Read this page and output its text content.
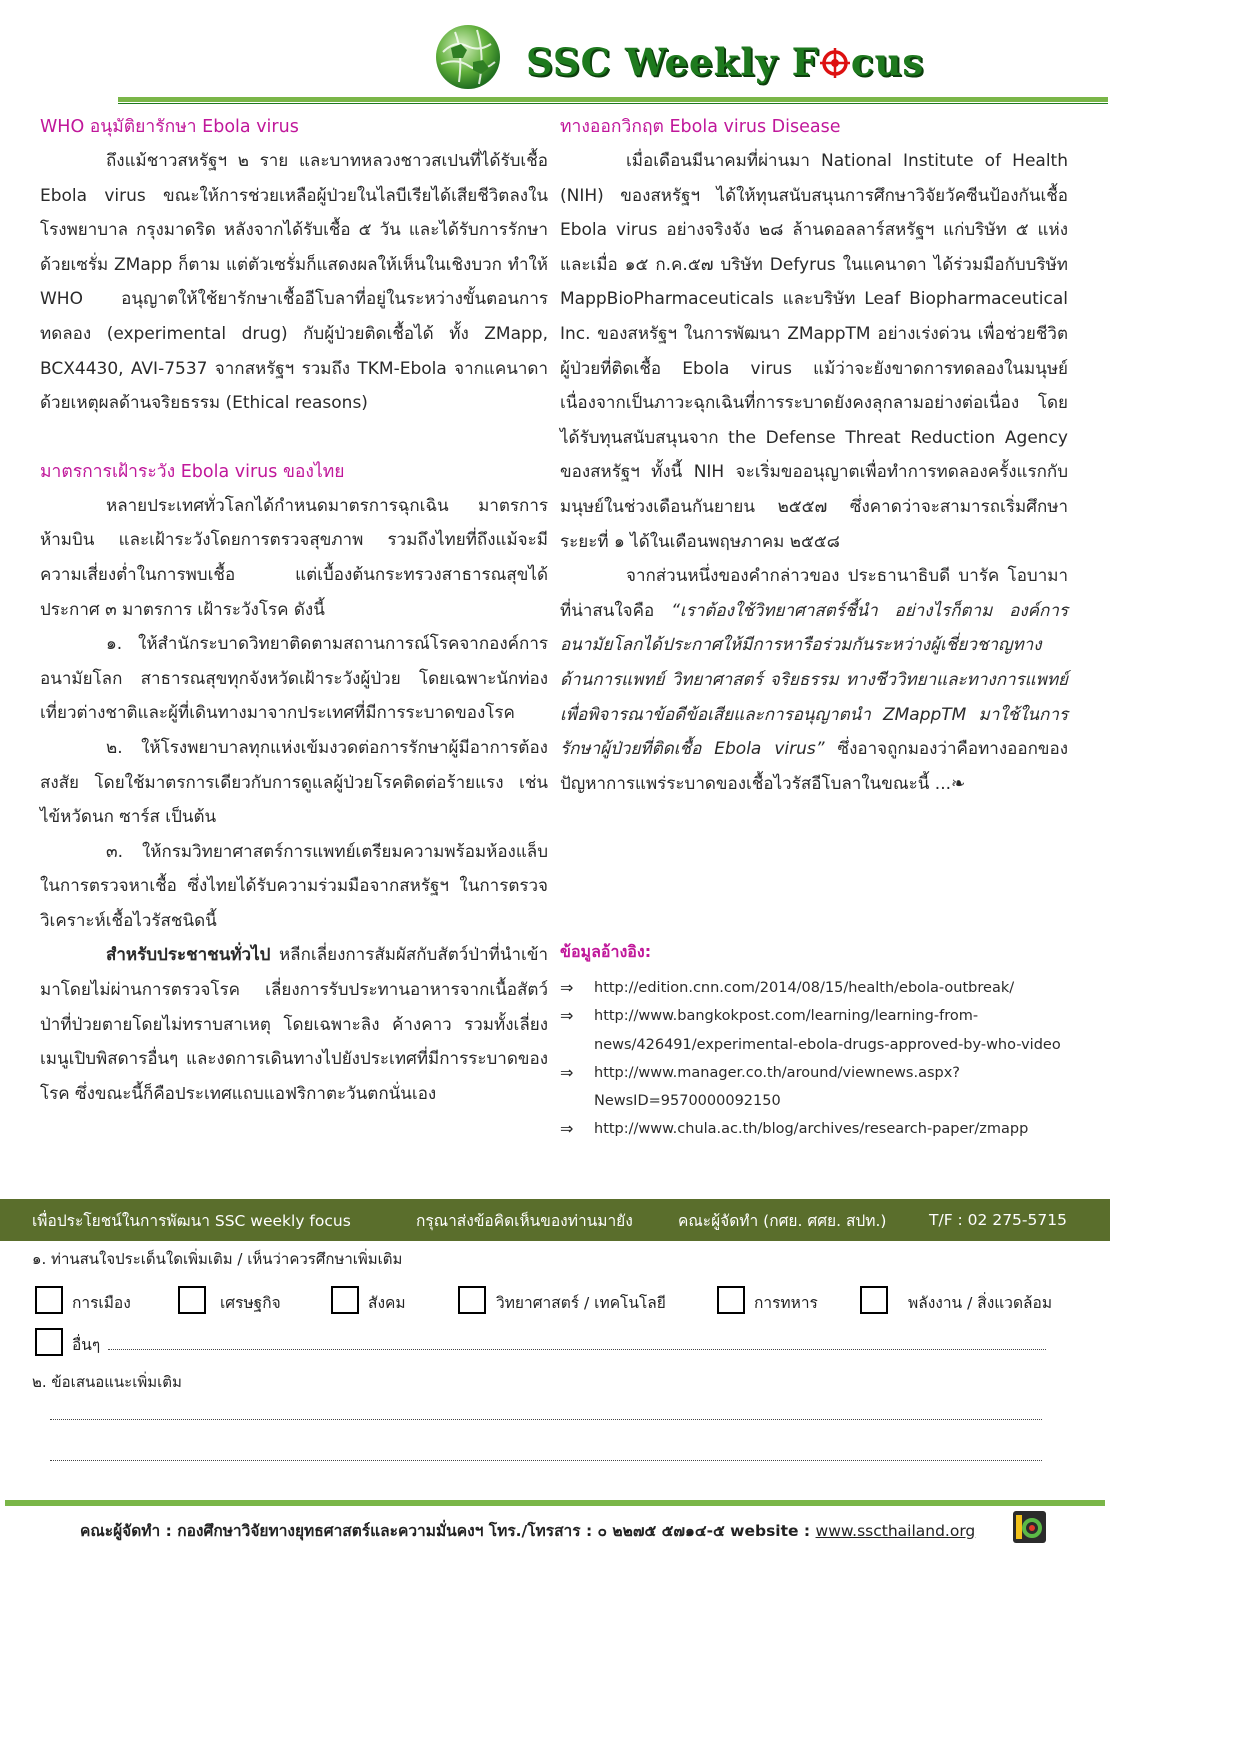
SSC Weekly F cus
WHO อนุมัติยารักษา Ebola virus

ถึงแม้ชาวสหรัฐฯ ๒ ราย และบาทหลวงชาวสเปนที่ได้รับเชื้อ Ebola virus ขณะให้การช่วยเหลือผู้ป่วยในไลบีเรียได้เสียชีวิตลงในโรงพยาบาล กรุงมาดริด หลังจากได้รับเชื้อ ๕ วัน และได้รับการรักษาด้วยเซรั่ม ZMapp ก็ตาม แต่ตัวเซรั่มก็แสดงผลให้เห็นในเชิงบวก ทำให้ WHO อนุญาตให้ใช้ยารักษาเชื้ออีโบลาที่อยู่ในระหว่างขั้นตอนการทดลอง (experimental drug) กับผู้ป่วยติดเชื้อได้ ทั้ง ZMapp, BCX4430, AVI-7537 จากสหรัฐฯ รวมถึง TKM-Ebola จากแคนาดา ด้วยเหตุผลด้านจริยธรรม (Ethical reasons)

มาตรการเฝ้าระวัง Ebola virus ของไทย

หลายประเทศทั่วโลกได้กำหนดมาตรการฉุกเฉิน มาตรการห้ามบิน และเฝ้าระวังโดยการตรวจสุขภาพ รวมถึงไทยที่ถึงแม้จะมีความเสี่ยงต่ำในการพบเชื้อ แต่เบื้องต้นกระทรวงสาธารณสุขได้ประกาศ ๓ มาตรการ เฝ้าระวังโรค ดังนี้

๑. ให้สำนักระบาดวิทยาติดตามสถานการณ์โรคจากองค์การอนามัยโลก สาธารณสุขทุกจังหวัดเฝ้าระวังผู้ป่วย โดยเฉพาะนักท่องเที่ยวต่างชาติและผู้ที่เดินทางมาจากประเทศที่มีการระบาดของโรค

๒. ให้โรงพยาบาลทุกแห่งเข้มงวดต่อการรักษาผู้มีอาการต้องสงสัย โดยใช้มาตรการเดียวกับการดูแลผู้ป่วยโรคติดต่อร้ายแรง เช่น ไข้หวัดนก ซาร์ส เป็นต้น

๓. ให้กรมวิทยาศาสตร์การแพทย์เตรียมความพร้อมห้องแล็บในการตรวจหาเชื้อ ซึ่งไทยได้รับความร่วมมือจากสหรัฐฯ ในการตรวจวิเคราะห์เชื้อไวรัสชนิดนี้

สำหรับประชาชนทั่วไป หลีกเลี่ยงการสัมผัสกับสัตว์ป่าที่นำเข้ามาโดยไม่ผ่านการตรวจโรค เลี่ยงการรับประทานอาหารจากเนื้อสัตว์ป่าที่ป่วยตายโดยไม่ทราบสาเหตุ โดยเฉพาะลิง ค้างคาว รวมทั้งเลี่ยงเมนูเปิบพิสดารอื่นๆ และงดการเดินทางไปยังประเทศที่มีการระบาดของโรค ซึ่งขณะนี้ก็คือประเทศแถบแอฟริกาตะวันตกนั่นเอง

ทางออกวิกฤต Ebola virus Disease

เมื่อเดือนมีนาคมที่ผ่านมา National Institute of Health (NIH) ของสหรัฐฯ ได้ให้ทุนสนับสนุนการศึกษาวิจัยวัคซีนป้องกันเชื้อ Ebola virus อย่างจริงจัง ๒๘ ล้านดอลลาร์สหรัฐฯ แก่บริษัท ๕ แห่ง และเมื่อ ๑๕ ก.ค.๕๗ บริษัท Defyrus ในแคนาดา ได้ร่วมมือกับบริษัท MappBioPharmaceuticals และบริษัท Leaf Biopharmaceutical Inc. ของสหรัฐฯ ในการพัฒนา ZMappTM อย่างเร่งด่วน เพื่อช่วยชีวิตผู้ป่วยที่ติดเชื้อ Ebola virus แม้ว่าจะยังขาดการทดลองในมนุษย์ เนื่องจากเป็นภาวะฉุกเฉินที่การระบาดยังคงลุกลามอย่างต่อเนื่อง โดยได้รับทุนสนับสนุนจาก the Defense Threat Reduction Agency ของสหรัฐฯ ทั้งนี้ NIH จะเริ่มขออนุญาตเพื่อทำการทดลองครั้งแรกกับมนุษย์ในช่วงเดือนกันยายน ๒๕๕๗ ซึ่งคาดว่าจะสามารถเริ่มศึกษาระยะที่ ๑ ได้ในเดือนพฤษภาคม ๒๕๕๘

จากส่วนหนึ่งของคำกล่าวของ ประธานาธิบดี บารัค โอบามา ที่น่าสนใจคือ “เราต้องใช้วิทยาศาสตร์ชี้นำ อย่างไรก็ตาม องค์การอนามัยโลกได้ประกาศให้มีการหารือร่วมกันระหว่างผู้เชี่ยวชาญทางด้านการแพทย์ วิทยาศาสตร์ จริยธรรม ทางชีววิทยาและทางการแพทย์ เพื่อพิจารณาข้อดีข้อเสียและการอนุญาตนำ ZMappTM มาใช้ในการรักษาผู้ป่วยที่ติดเชื้อ Ebola virus” ซึ่งอาจถูกมองว่าคือทางออกของปัญหาการแพร่ระบาดของเชื้อไวรัสอีโบลาในขณะนี้ ...❧

ข้อมูลอ้างอิง:
⇒	http://edition.cnn.com/2014/08/15/health/ebola-outbreak/
⇒	http://www.bangkokpost.com/learning/learning-from-
news/426491/experimental-ebola-drugs-approved-by-who-video
⇒	http://www.manager.co.th/around/viewnews.aspx?
NewsID=9570000092150
⇒	http://www.chula.ac.th/blog/archives/research-paper/zmapp
เพื่อประโยชน์ในการพัฒนา SSC weekly focus	กรุณาส่งข้อคิดเห็นของท่านมายัง	คณะผู้จัดทำ (กศย. ศศย. สปท.)	T/F : 02 275-5715
๑. ท่านสนใจประเด็นใดเพิ่มเติม / เห็นว่าควรศึกษาเพิ่มเติม
การเมือง	เศรษฐกิจ	สังคม	วิทยาศาสตร์ / เทคโนโลยี	การทหาร	พลังงาน / สิ่งแวดล้อม
อื่นๆ
๒. ข้อเสนอแนะเพิ่มเติม
คณะผู้จัดทำ : กองศึกษาวิจัยทางยุทธศาสตร์และความมั่นคงฯ โทร./โทรสาร : ๐ ๒๒๗๕ ๕๗๑๔-๕ website : www.sscthailand.org
